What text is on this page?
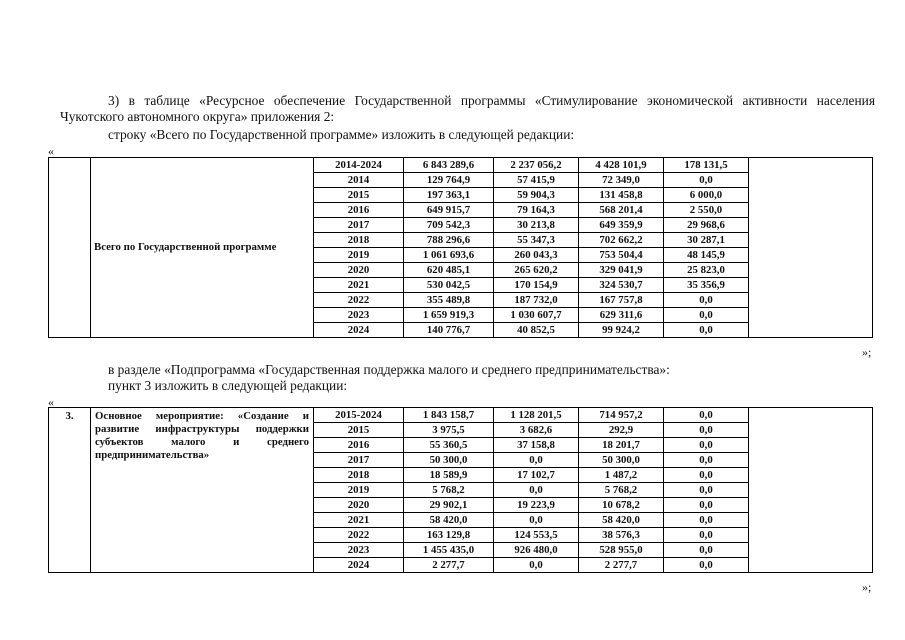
3) в таблице «Ресурсное обеспечение Государственной программы «Стимулирование экономической активности населения Чукотского автономного округа» приложения 2:
строку «Всего по Государственной программе» изложить в следующей редакции:
«
	Всего по Государственной программе	2014-2024	6 843 289,6	2 237 056,2	4 428 101,9	178 131,5	
		2014	129 764,9	57 415,9	72 349,0	0,0	
		2015	197 363,1	59 904,3	131 458,8	6 000,0	
		2016	649 915,7	79 164,3	568 201,4	2 550,0	
		2017	709 542,3	30 213,8	649 359,9	29 968,6	
		2018	788 296,6	55 347,3	702 662,2	30 287,1	
		2019	1 061 693,6	260 043,3	753 504,4	48 145,9	
		2020	620 485,1	265 620,2	329 041,9	25 823,0	
		2021	530 042,5	170 154,9	324 530,7	35 356,9	
		2022	355 489,8	187 732,0	167 757,8	0,0	
		2023	1 659 919,3	1 030 607,7	629 311,6	0,0	
		2024	140 776,7	40 852,5	99 924,2	0,0	
»;
в разделе «Подпрограмма «Государственная поддержка малого и среднего предпринимательства»:
пункт 3 изложить в следующей редакции:
«
3.	Основное мероприятие: «Создание и развитие инфраструктуры поддержки субъектов малого и среднего предпринимательства»	2015-2024	1 843 158,7	1 128 201,5	714 957,2	0,0	
		2015	3 975,5	3 682,6	292,9	0,0	
		2016	55 360,5	37 158,8	18 201,7	0,0	
		2017	50 300,0	0,0	50 300,0	0,0	
		2018	18 589,9	17 102,7	1 487,2	0,0	
		2019	5 768,2	0,0	5 768,2	0,0	
		2020	29 902,1	19 223,9	10 678,2	0,0	
		2021	58 420,0	0,0	58 420,0	0,0	
		2022	163 129,8	124 553,5	38 576,3	0,0	
		2023	1 455 435,0	926 480,0	528 955,0	0,0	
		2024	2 277,7	0,0	2 277,7	0,0	
»;
